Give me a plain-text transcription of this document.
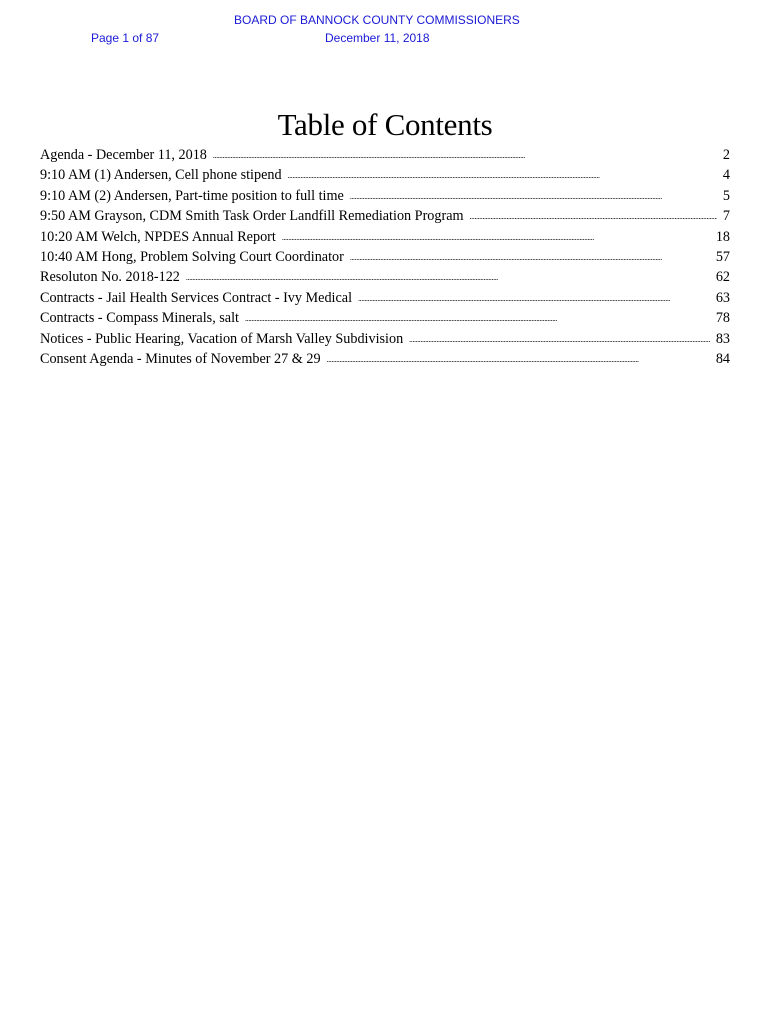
Page 1 of 87
BOARD OF BANNOCK COUNTY COMMISSIONERS
December 11, 2018
Table of Contents
Agenda - December 11, 2018 . . .	2
9:10 AM (1) Andersen, Cell phone stipend . . .	4
9:10 AM (2) Andersen, Part-time position to full time . . .	5
9:50 AM Grayson, CDM Smith Task Order Landfill Remediation Program . . .	7
10:20 AM Welch, NPDES Annual Report . . .	18
10:40 AM Hong, Problem Solving Court Coordinator . . .	57
Resoluton No. 2018-122 . . .	62
Contracts - Jail Health Services Contract - Ivy Medical . . .	63
Contracts - Compass Minerals, salt . . .	78
Notices - Public Hearing, Vacation of Marsh Valley Subdivision . . .	83
Consent Agenda - Minutes of November 27 & 29 . . .	84
